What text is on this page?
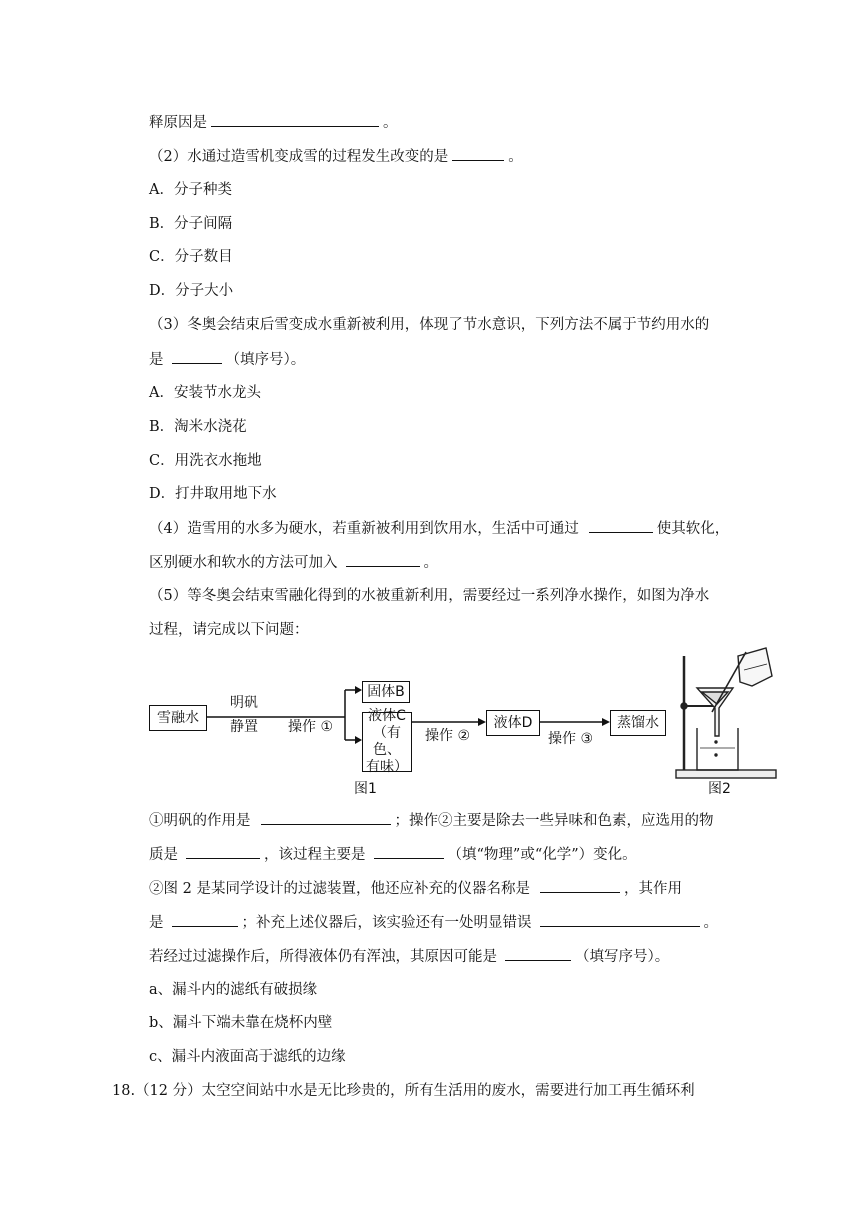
释原因是	。
（2）水通过造雪机变成雪的过程发生改变的是	。
A．分子种类
B．分子间隔
C．分子数目
D．分子大小
（3）冬奥会结束后雪变成水重新被利用，体现了节水意识，下列方法不属于节约用水的
是	（填序号）。
A．安装节水龙头
B．淘米水浇花
C．用洗衣水拖地
D．打井取用地下水
（4）造雪用的水多为硬水，若重新被利用到饮用水，生活中可通过	使其软化，
区别硬水和软水的方法可加入	。
（5）等冬奥会结束雪融化得到的水被重新利用，需要经过一系列净水操作，如图为净水
过程，请完成以下问题：
雪融水
明矾
静置	操作 ①
固体B
液体C
（有色、
有味）
操作 ②
液体D
操作 ③
蒸馏水
图1	图2
①明矾的作用是	；操作②主要是除去一些异味和色素，应选用的物
质是	，该过程主要是	（填“物理”或“化学”）变化。
②图 2 是某同学设计的过滤装置，他还应补充的仪器名称是	，其作用
是	；补充上述仪器后，该实验还有一处明显错误	。
若经过过滤操作后，所得液体仍有浑浊，其原因可能是	（填写序号）。
a、漏斗内的滤纸有破损缘
b、漏斗下端未靠在烧杯内壁
c、漏斗内液面高于滤纸的边缘
18.（12 分）太空空间站中水是无比珍贵的，所有生活用的废水，需要进行加工再生循环利
